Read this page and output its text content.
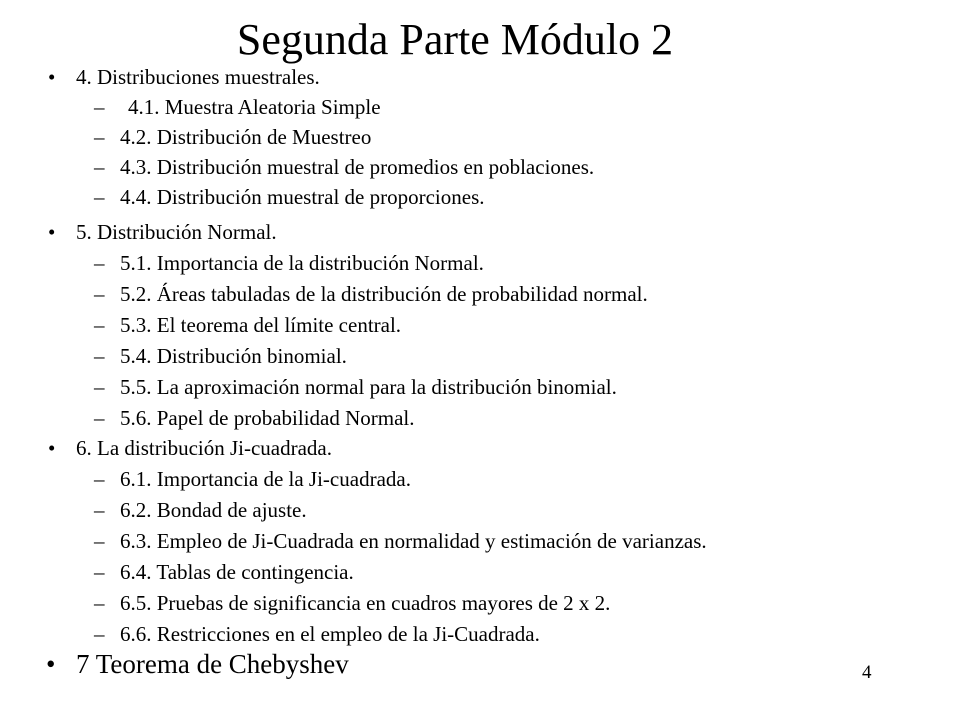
Segunda Parte Módulo 2
• 4. Distribuciones muestrales.
– 4.1. Muestra Aleatoria Simple
– 4.2. Distribución de Muestreo
– 4.3. Distribución muestral de promedios en poblaciones.
– 4.4. Distribución muestral de proporciones.
• 5. Distribución Normal.
– 5.1. Importancia de la distribución Normal.
– 5.2. Áreas tabuladas de la distribución de probabilidad normal.
– 5.3. El teorema del límite central.
– 5.4. Distribución binomial.
– 5.5. La aproximación normal para la distribución binomial.
– 5.6. Papel de probabilidad Normal.
• 6. La distribución Ji-cuadrada.
– 6.1. Importancia de la Ji-cuadrada.
– 6.2. Bondad de ajuste.
– 6.3. Empleo de Ji-Cuadrada en normalidad y estimación de varianzas.
– 6.4. Tablas de contingencia.
– 6.5. Pruebas de significancia en cuadros mayores de 2 x 2.
– 6.6. Restricciones en el empleo de la Ji-Cuadrada.
• 7 Teorema de Chebyshev	4
